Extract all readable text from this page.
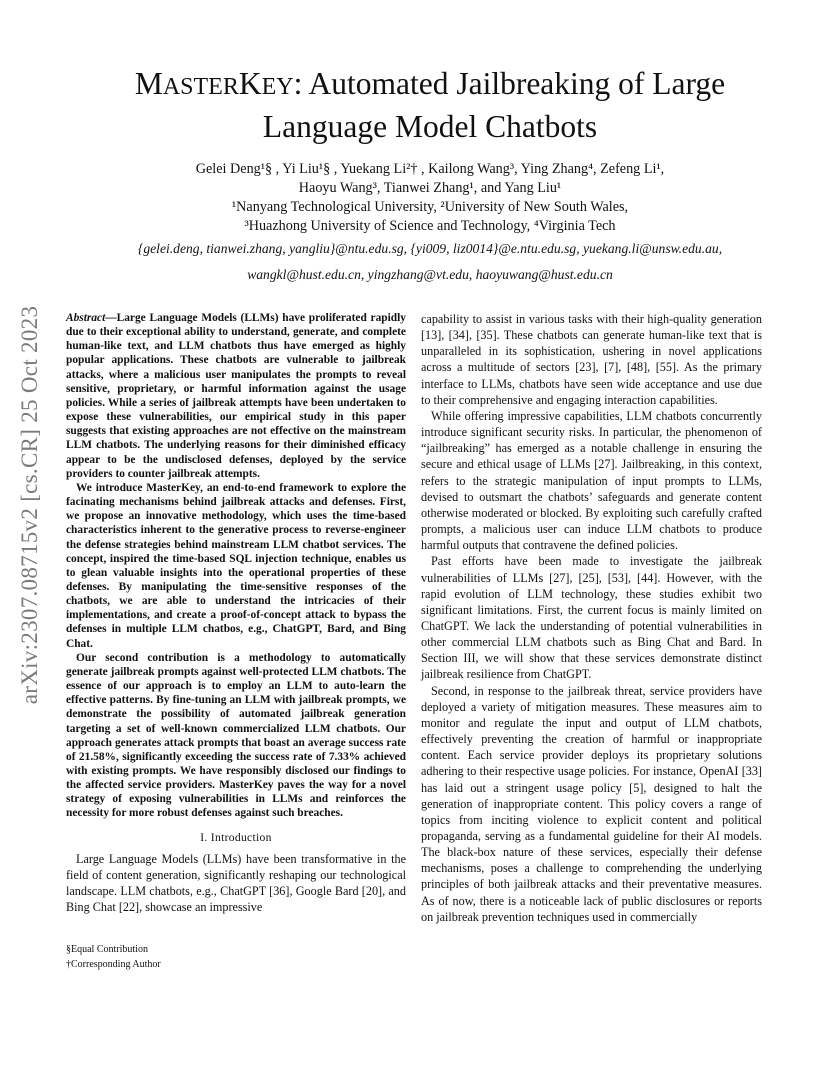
arXiv:2307.08715v2 [cs.CR] 25 Oct 2023
MASTERKEY: Automated Jailbreaking of Large
Language Model Chatbots
Gelei Deng¹§ , Yi Liu¹§ , Yuekang Li²† , Kailong Wang³, Ying Zhang⁴, Zefeng Li¹,
Haoyu Wang³, Tianwei Zhang¹, and Yang Liu¹
¹Nanyang Technological University, ²University of New South Wales,
³Huazhong University of Science and Technology, ⁴Virginia Tech
{gelei.deng, tianwei.zhang, yangliu}@ntu.edu.sg, {yi009, liz0014}@e.ntu.edu.sg, yuekang.li@unsw.edu.au,
wangkl@hust.edu.cn, yingzhang@vt.edu, haoyuwang@hust.edu.cn

Abstract—Large Language Models (LLMs) have proliferated rapidly due to their exceptional ability to understand, generate, and complete human-like text, and LLM chatbots thus have emerged as highly popular applications. These chatbots are vulnerable to jailbreak attacks, where a malicious user manipulates the prompts to reveal sensitive, proprietary, or harmful information against the usage policies. While a series of jailbreak attempts have been undertaken to expose these vulnerabilities, our empirical study in this paper suggests that existing approaches are not effective on the mainstream LLM chatbots. The underlying reasons for their diminished efficacy appear to be the undisclosed defenses, deployed by the service providers to counter jailbreak attempts.

We introduce MasterKey, an end-to-end framework to explore the facinating mechanisms behind jailbreak attacks and defenses. First, we propose an innovative methodology, which uses the time-based characteristics inherent to the generative process to reverse-engineer the defense strategies behind mainstream LLM chatbot services. The concept, inspired the time-based SQL injection technique, enables us to glean valuable insights into the operational properties of these defenses. By manipulating the time-sensitive responses of the chatbots, we are able to understand the intricacies of their implementations, and create a proof-of-concept attack to bypass the defenses in multiple LLM chatbos, e.g., ChatGPT, Bard, and Bing Chat.

Our second contribution is a methodology to automatically generate jailbreak prompts against well-protected LLM chatbots. The essence of our approach is to employ an LLM to auto-learn the effective patterns. By fine-tuning an LLM with jailbreak prompts, we demonstrate the possibility of automated jailbreak generation targeting a set of well-known commercialized LLM chatbots. Our approach generates attack prompts that boast an average success rate of 21.58%, significantly exceeding the success rate of 7.33% achieved with existing prompts. We have responsibly disclosed our findings to the affected service providers. MasterKey paves the way for a novel strategy of exposing vulnerabilities in LLMs and reinforces the necessity for more robust defenses against such breaches.

I. Introduction

Large Language Models (LLMs) have been transformative in the field of content generation, significantly reshaping our technological landscape. LLM chatbots, e.g., ChatGPT [36], Google Bard [20], and Bing Chat [22], showcase an impressive

§Equal Contribution
†Corresponding Author

capability to assist in various tasks with their high-quality generation [13], [34], [35]. These chatbots can generate human-like text that is unparalleled in its sophistication, ushering in novel applications across a multitude of sectors [23], [7], [48], [55]. As the primary interface to LLMs, chatbots have seen wide acceptance and use due to their comprehensive and engaging interaction capabilities.

While offering impressive capabilities, LLM chatbots concurrently introduce significant security risks. In particular, the phenomenon of “jailbreaking” has emerged as a notable challenge in ensuring the secure and ethical usage of LLMs [27]. Jailbreaking, in this context, refers to the strategic manipulation of input prompts to LLMs, devised to outsmart the chatbots’ safeguards and generate content otherwise moderated or blocked. By exploiting such carefully crafted prompts, a malicious user can induce LLM chatbots to produce harmful outputs that contravene the defined policies.

Past efforts have been made to investigate the jailbreak vulnerabilities of LLMs [27], [25], [53], [44]. However, with the rapid evolution of LLM technology, these studies exhibit two significant limitations. First, the current focus is mainly limited on ChatGPT. We lack the understanding of potential vulnerabilities in other commercial LLM chatbots such as Bing Chat and Bard. In Section III, we will show that these services demonstrate distinct jailbreak resilience from ChatGPT.

Second, in response to the jailbreak threat, service providers have deployed a variety of mitigation measures. These measures aim to monitor and regulate the input and output of LLM chatbots, effectively preventing the creation of harmful or inappropriate content. Each service provider deploys its proprietary solutions adhering to their respective usage policies. For instance, OpenAI [33] has laid out a stringent usage policy [5], designed to halt the generation of inappropriate content. This policy covers a range of topics from inciting violence to explicit content and political propaganda, serving as a fundamental guideline for their AI models. The black-box nature of these services, especially their defense mechanisms, poses a challenge to comprehending the underlying principles of both jailbreak attacks and their preventative measures. As of now, there is a noticeable lack of public disclosures or reports on jailbreak prevention techniques used in commercially
